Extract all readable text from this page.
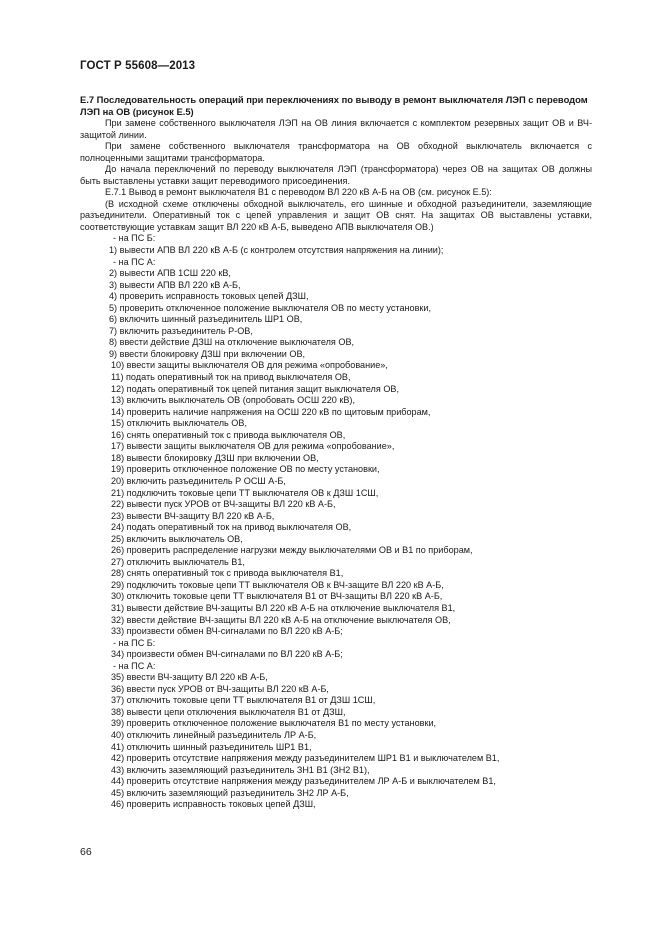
ГОСТ Р 55608—2013
Е.7 Последовательность операций при переключениях по выводу в ремонт выключателя ЛЭП с переводом ЛЭП на ОВ (рисунок Е.5)

При замене собственного выключателя ЛЭП на ОВ линия включается с комплектом резервных защит ОВ и ВЧ-защитой линии.

При замене собственного выключателя трансформатора на ОВ обходной выключатель включается с полноценными защитами трансформатора.

До начала переключений по переводу выключателя ЛЭП (трансформатора) через ОВ на защитах ОВ должны быть выставлены уставки защит переводимого присоединения.

Е.7.1 Вывод в ремонт выключателя В1 с переводом ВЛ 220 кВ А-Б на ОВ (см. рисунок Е.5):

(В исходной схеме отключены обходной выключатель, его шинные и обходной разъединители, заземляющие разъединители. Оперативный ток с цепей управления и защит ОВ снят. На защитах ОВ выставлены уставки, соответствующие уставкам защит ВЛ 220 кВ А-Б, выведено АПВ выключателя ОВ.)

- на ПС Б:

1) вывести АПВ ВЛ 220 кВ А-Б (с контролем отсутствия напряжения на линии);

- на ПС А:

2) вывести АПВ 1СШ 220 кВ,

3) вывести АПВ ВЛ 220 кВ А-Б,

4) проверить исправность токовых цепей ДЗШ,

5) проверить отключенное положение выключателя ОВ по месту установки,

6) включить шинный разъединитель ШР1 ОВ,

7) включить разъединитель Р-ОВ,

8) ввести действие ДЗШ на отключение выключателя ОВ,

9) ввести блокировку ДЗШ при включении ОВ,

10) ввести защиты выключателя ОВ для режима «опробование»,

11) подать оперативный ток на привод выключателя ОВ,

12) подать оперативный ток цепей питания защит выключателя ОВ,

13) включить выключатель ОВ (опробовать ОСШ 220 кВ),

14) проверить наличие напряжения на ОСШ 220 кВ по щитовым приборам,

15) отключить выключатель ОВ,

16) снять оперативный ток с привода выключателя ОВ,

17) вывести защиты выключателя ОВ для режима «опробование»,

18) вывести блокировку ДЗШ при включении ОВ,

19) проверить отключенное положение ОВ по месту установки,

20) включить разъединитель Р ОСШ А-Б,

21) подключить токовые цепи ТТ выключателя ОВ к ДЗШ 1СШ,

22) вывести пуск УРОВ от ВЧ-защиты ВЛ 220 кВ А-Б,

23) вывести ВЧ-защиту ВЛ 220 кВ А-Б,

24) подать оперативный ток на привод выключателя ОВ,

25) включить выключатель ОВ,

26) проверить распределение нагрузки между выключателями ОВ и В1 по приборам,

27) отключить выключатель В1,

28) снять оперативный ток с привода выключателя В1,

29) подключить токовые цепи ТТ выключателя ОВ к ВЧ-защите ВЛ 220 кВ А-Б,

30) отключить токовые цепи ТТ выключателя В1 от ВЧ-защиты ВЛ 220 кВ А-Б,

31) вывести действие ВЧ-защиты ВЛ 220 кВ А-Б на отключение выключателя В1,

32) ввести действие ВЧ-защиты ВЛ 220 кВ А-Б на отключение выключателя ОВ,

33) произвести обмен ВЧ-сигналами по ВЛ 220 кВ А-Б;

- на ПС Б:

34) произвести обмен ВЧ-сигналами по ВЛ 220 кВ А-Б;

- на ПС А:

35) ввести ВЧ-защиту ВЛ 220 кВ А-Б,

36) ввести пуск УРОВ от ВЧ-защиты ВЛ 220 кВ А-Б,

37) отключить токовые цепи ТТ выключателя В1 от ДЗШ 1СШ,

38) вывести цепи отключения выключателя В1 от ДЗШ,

39) проверить отключенное положение выключателя В1 по месту установки,

40) отключить линейный разъединитель ЛР А-Б,

41) отключить шинный разъединитель ШР1 В1,

42) проверить отсутствие напряжения между разъединителем ШР1 В1 и выключателем В1,

43) включить заземляющий разъединитель ЗН1 В1 (ЗН2 В1),

44) проверить отсутствие напряжения между разъединителем ЛР А-Б и выключателем В1,

45) включить заземляющий разъединитель ЗН2 ЛР А-Б,

46) проверить исправность токовых цепей ДЗШ,

66
